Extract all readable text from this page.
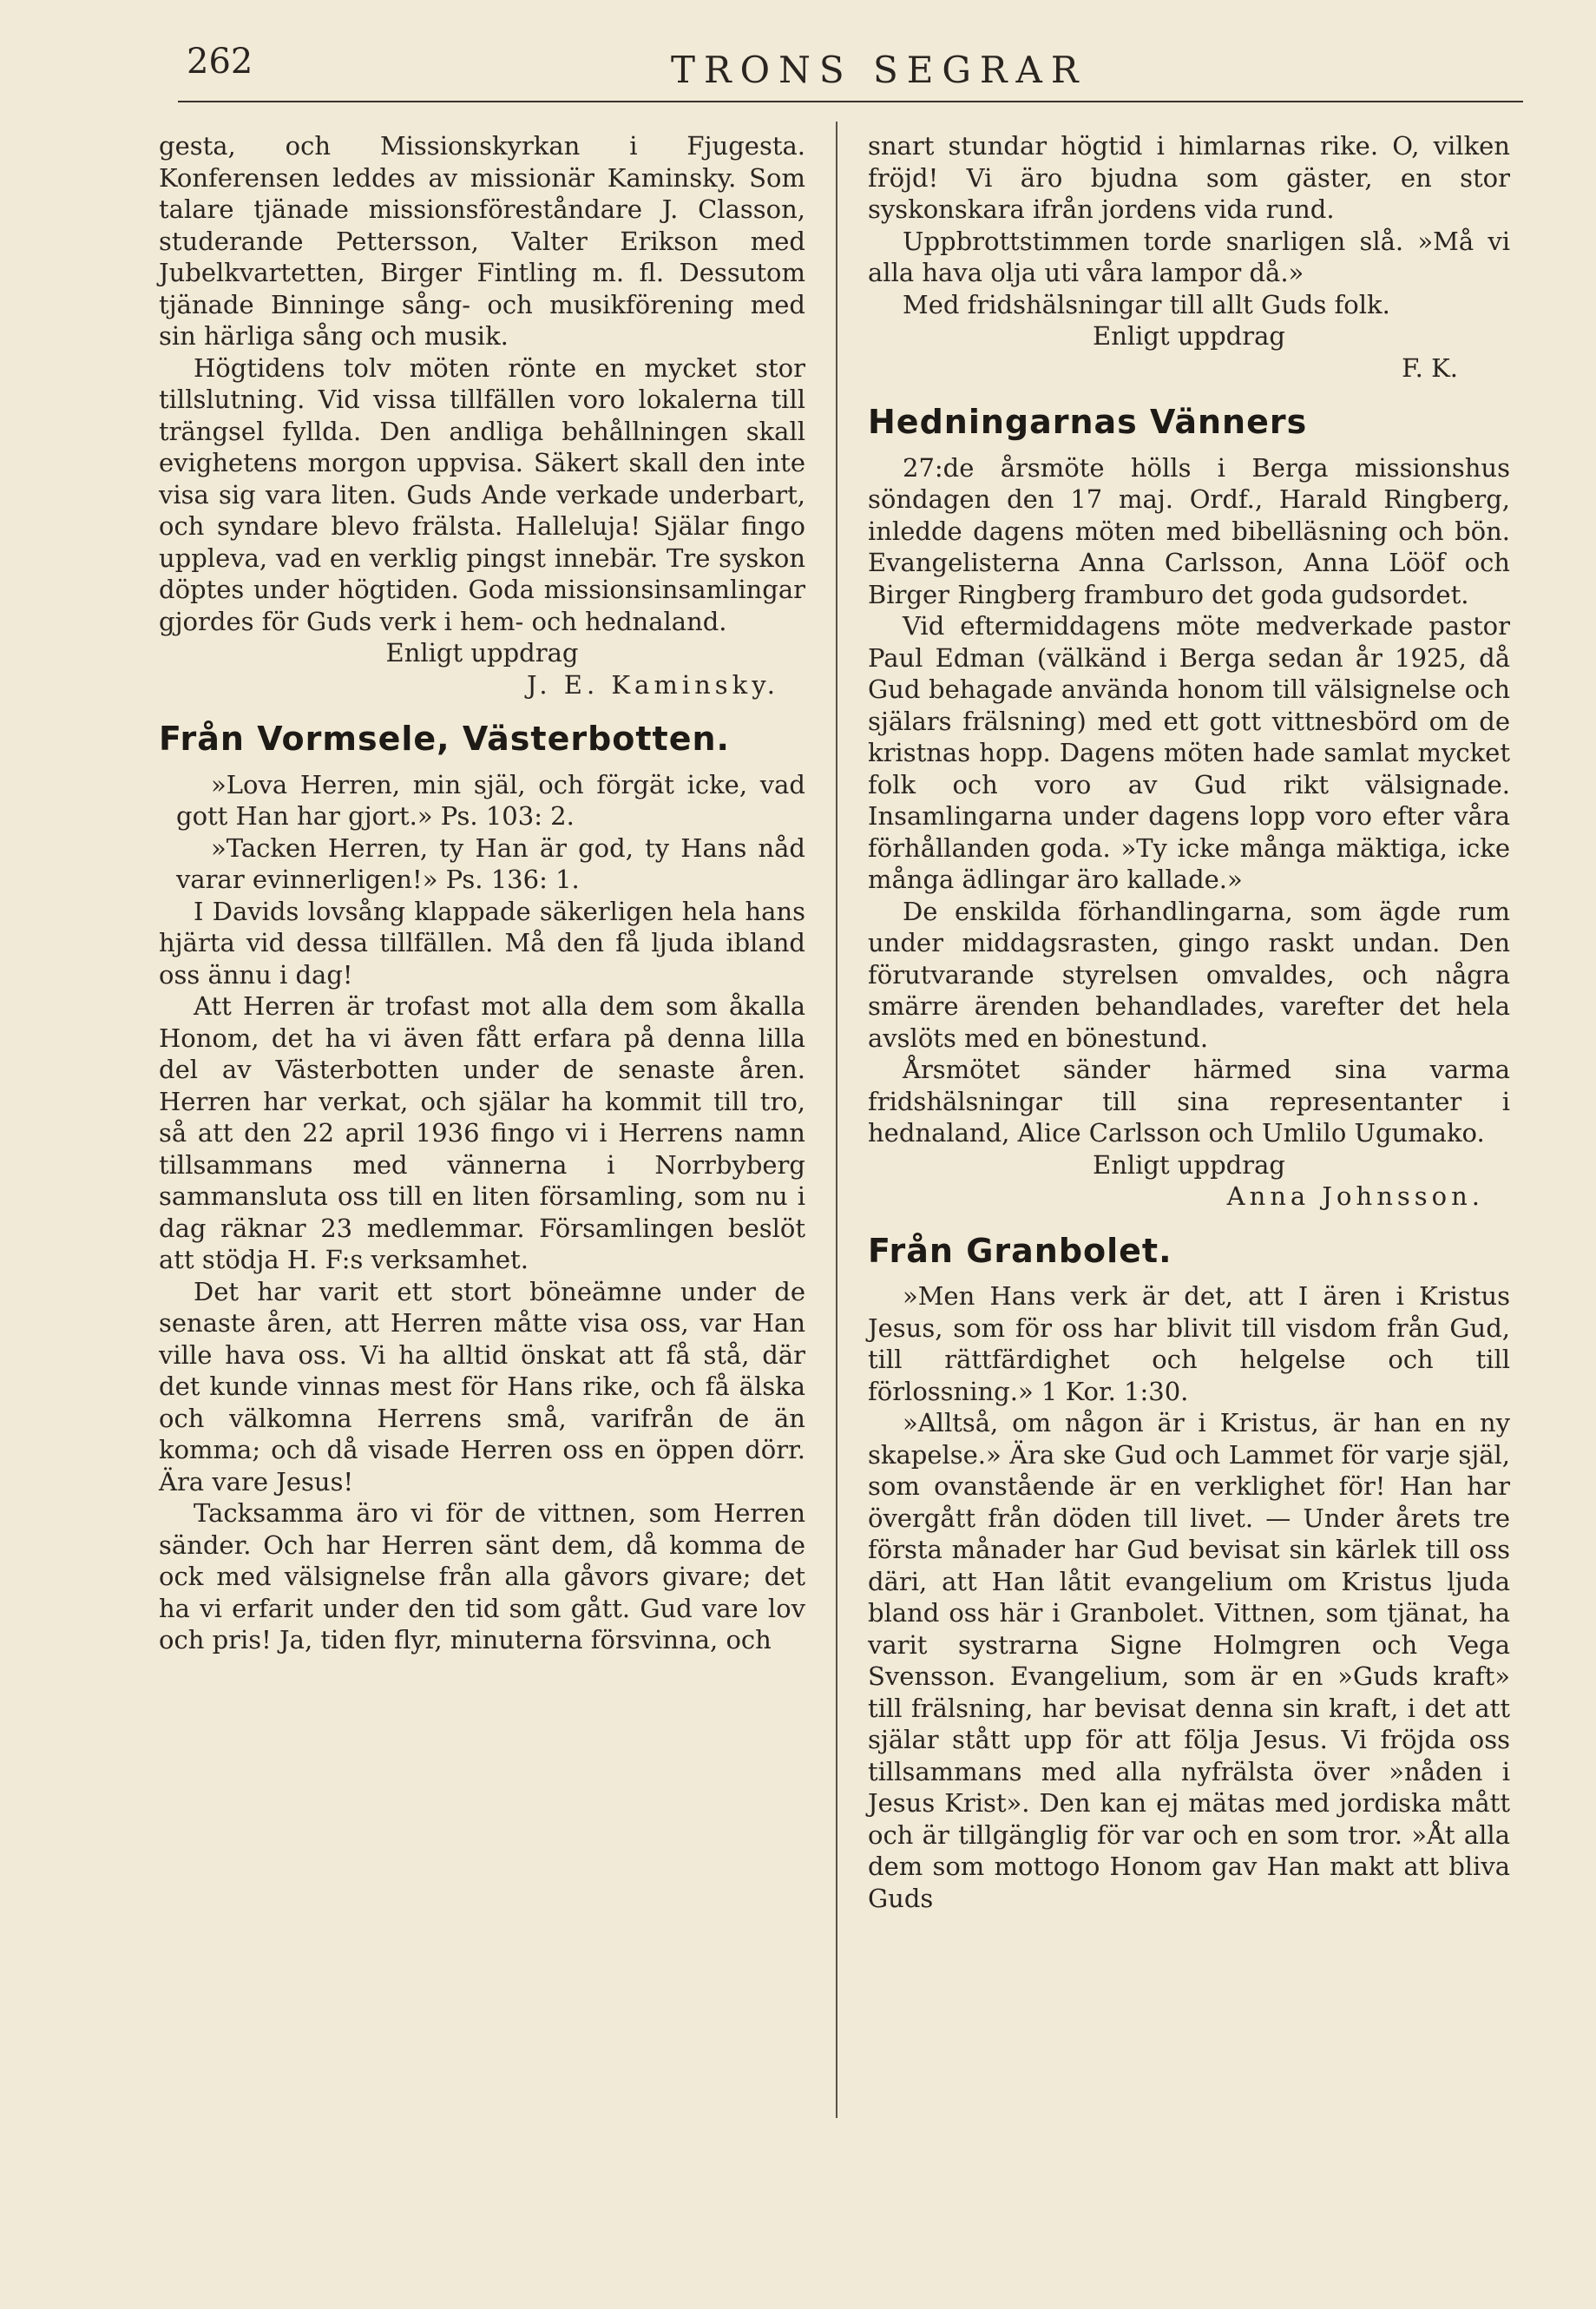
262	TRONS SEGRAR

gesta, och Missionskyrkan i Fjugesta. Konferensen leddes av missionär Kaminsky. Som talare tjänade missionsföreståndare J. Classon, studerande Pettersson, Valter Erikson med Jubelkvartetten, Birger Fintling m. fl. Dessutom tjänade Binninge sång- och musikförening med sin härliga sång och musik.

Högtidens tolv möten rönte en mycket stor tillslutning. Vid vissa tillfällen voro lokalerna till trängsel fyllda. Den andliga behållningen skall evighetens morgon uppvisa. Säkert skall den inte visa sig vara liten. Guds Ande verkade underbart, och syndare blevo frälsta. Halleluja! Själar fingo uppleva, vad en verklig pingst innebär. Tre syskon döptes under högtiden. Goda missionsinsamlingar gjordes för Guds verk i hem- och hednaland.

Enligt uppdrag

J. E. Kaminsky.

Från Vormsele, Västerbotten.

»Lova Herren, min själ, och förgät icke, vad gott Han har gjort.» Ps. 103: 2.

»Tacken Herren, ty Han är god, ty Hans nåd varar evinnerligen!» Ps. 136: 1.

I Davids lovsång klappade säkerligen hela hans hjärta vid dessa tillfällen. Må den få ljuda ibland oss ännu i dag!

Att Herren är trofast mot alla dem som åkalla Honom, det ha vi även fått erfara på denna lilla del av Västerbotten under de senaste åren. Herren har verkat, och själar ha kommit till tro, så att den 22 april 1936 fingo vi i Herrens namn tillsammans med vännerna i Norrbyberg sammansluta oss till en liten församling, som nu i dag räknar 23 medlemmar. Församlingen beslöt att stödja H. F:s verksamhet.

Det har varit ett stort böneämne under de senaste åren, att Herren måtte visa oss, var Han ville hava oss. Vi ha alltid önskat att få stå, där det kunde vinnas mest för Hans rike, och få älska och välkomna Herrens små, varifrån de än komma; och då visade Herren oss en öppen dörr. Ära vare Jesus!

Tacksamma äro vi för de vittnen, som Herren sänder. Och har Herren sänt dem, då komma de ock med välsignelse från alla gåvors givare; det ha vi erfarit under den tid som gått. Gud vare lov och pris! Ja, tiden flyr, minuterna försvinna, och

snart stundar högtid i himlarnas rike. O, vilken fröjd! Vi äro bjudna som gäster, en stor syskonskara ifrån jordens vida rund.

Uppbrottstimmen torde snarligen slå. »Må vi alla hava olja uti våra lampor då.»

Med fridshälsningar till allt Guds folk.

Enligt uppdrag

F. K.

Hedningarnas Vänners

27:de årsmöte hölls i Berga missionshus söndagen den 17 maj. Ordf., Harald Ringberg, inledde dagens möten med bibelläsning och bön. Evangelisterna Anna Carlsson, Anna Lööf och Birger Ringberg framburo det goda gudsordet.

Vid eftermiddagens möte medverkade pastor Paul Edman (välkänd i Berga sedan år 1925, då Gud behagade använda honom till välsignelse och själars frälsning) med ett gott vittnesbörd om de kristnas hopp. Dagens möten hade samlat mycket folk och voro av Gud rikt välsignade. Insamlingarna under dagens lopp voro efter våra förhållanden goda. »Ty icke många mäktiga, icke många ädlingar äro kallade.»

De enskilda förhandlingarna, som ägde rum under middagsrasten, gingo raskt undan. Den förutvarande styrelsen omvaldes, och några smärre ärenden behandlades, varefter det hela avslöts med en bönestund.

Årsmötet sänder härmed sina varma fridshälsningar till sina representanter i hednaland, Alice Carlsson och Umlilo Ugumako.

Enligt uppdrag

Anna Johnsson.

Från Granbolet.

»Men Hans verk är det, att I ären i Kristus Jesus, som för oss har blivit till visdom från Gud, till rättfärdighet och helgelse och till förlossning.» 1 Kor. 1:30.

»Alltså, om någon är i Kristus, är han en ny skapelse.» Ära ske Gud och Lammet för varje själ, som ovanstående är en verklighet för! Han har övergått från döden till livet. — Under årets tre första månader har Gud bevisat sin kärlek till oss däri, att Han låtit evangelium om Kristus ljuda bland oss här i Granbolet. Vittnen, som tjänat, ha varit systrarna Signe Holmgren och Vega Svensson. Evangelium, som är en »Guds kraft» till frälsning, har bevisat denna sin kraft, i det att själar stått upp för att följa Jesus. Vi fröjda oss tillsammans med alla nyfrälsta över »nåden i Jesus Krist». Den kan ej mätas med jordiska mått och är tillgänglig för var och en som tror. »Åt alla dem som mottogo Honom gav Han makt att bliva Guds
